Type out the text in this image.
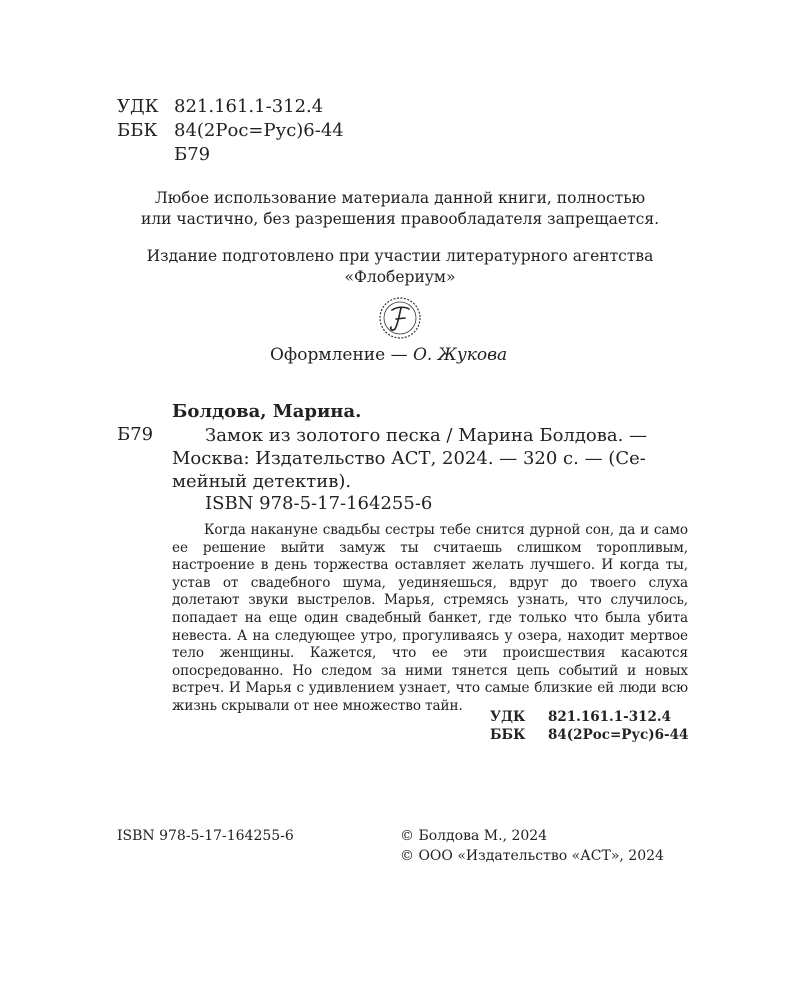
УДК 821.161.1-312.4
ББК 84(2Рос=Рус)6-44
Б79
Любое использование материала данной книги, полностью
или частично, без разрешения правообладателя запрещается.
Издание подготовлено при участии литературного агентства
«Флобериум»
Оформление — О. Жукова
Болдова, Марина.
Б79	Замок из золотого песка / Марина Болдова. —
Москва: Издательство АСТ, 2024. — 320 с. — (Се-
мейный детектив).
ISBN 978-5-17-164255-6
Когда накануне свадьбы сестры тебе снится дурной сон, да и само ее решение выйти замуж ты считаешь слишком торопливым, настроение в день торжества оставляет желать лучшего. И когда ты, устав от свадебного шума, уединяешься, вдруг до твоего слуха долетают звуки выстрелов. Марья, стремясь узнать, что случилось, попадает на еще один свадебный банкет, где только что была убита невеста. А на следующее утро, прогуливаясь у озера, находит мертвое тело женщины. Кажется, что ее эти происшествия касаются опосредованно. Но следом за ними тянется цепь событий и новых встреч. И Марья с удивлением узнает, что самые близкие ей люди всю жизнь скрывали от нее множество тайн.
УДК 821.161.1-312.4
ББК 84(2Рос=Рус)6-44
ISBN 978-5-17-164255-6	© Болдова М., 2024
© ООО «Издательство «АСТ», 2024
